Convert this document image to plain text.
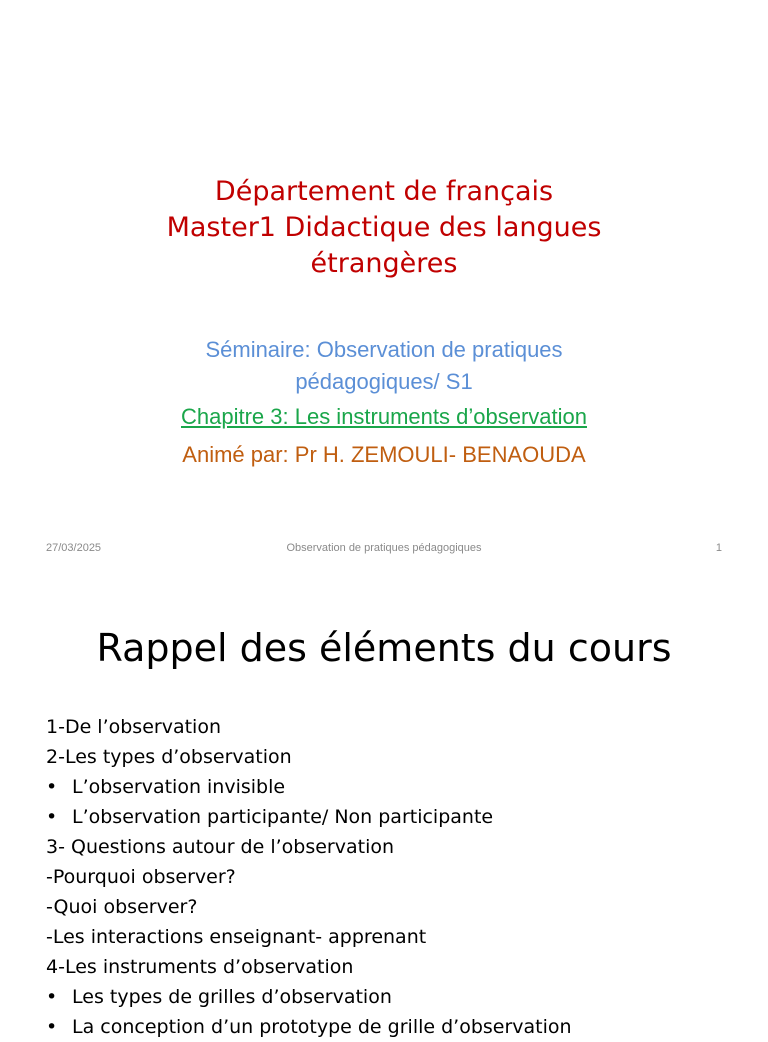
Département de français
Master1 Didactique des langues
étrangères
Séminaire: Observation de pratiques
pédagogiques/ S1
Chapitre 3: Les instruments d’observation
Animé par: Pr H. ZEMOULI- BENAOUDA
27/03/2025	Observation de pratiques pédagogiques	1
Rappel des éléments du cours
1-De l’observation
2-Les types d’observation
• L’observation invisible
• L’observation participante/ Non participante
3- Questions autour de l’observation
-Pourquoi observer?
-Quoi observer?
-Les interactions enseignant- apprenant
4-Les instruments d’observation
• Les types de grilles d’observation
• La conception d’un prototype de grille d’observation
